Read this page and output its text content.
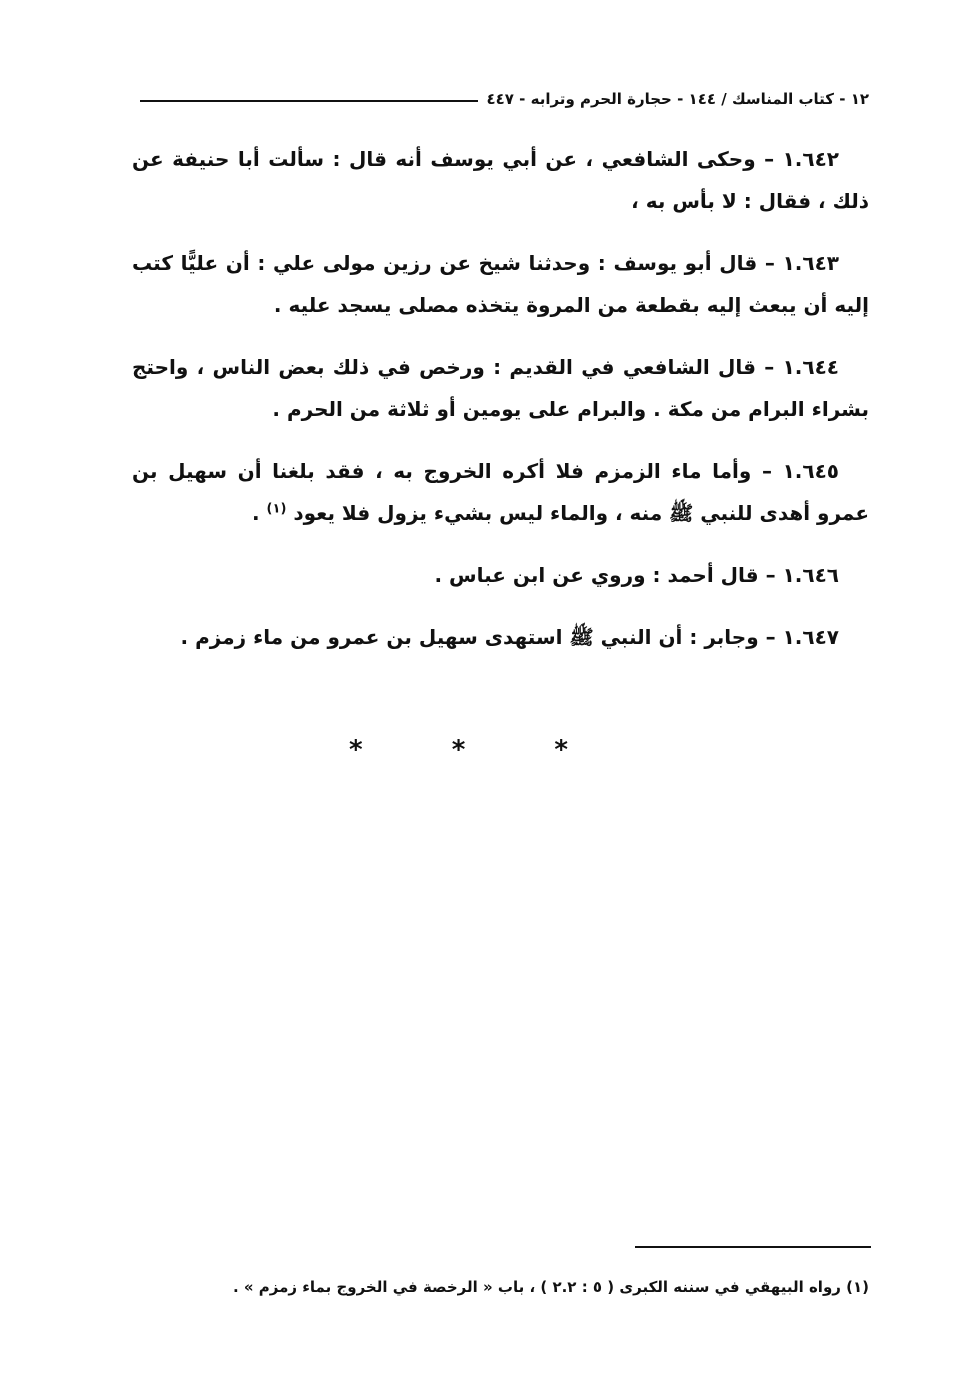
١٢ - كتاب المناسك / ١٤٤ - حجارة الحرم وترابه - ٤٤٧

١.٦٤٢ – وحكى الشافعي ، عن أبي يوسف أنه قال : سألت أبا حنيفة عن ذلك ، فقال : لا بأس به ،

١.٦٤٣ – قال أبو يوسف : وحدثنا شيخ عن رزين مولى علي : أن عليًّا كتب إليه أن يبعث إليه بقطعة من المروة يتخذه مصلى يسجد عليه .

١.٦٤٤ – قال الشافعي في القديم : ورخص في ذلك بعض الناس ، واحتج بشراء البرام من مكة . والبرام على يومين أو ثلاثة من الحرم .

١.٦٤٥ – وأما ماء الزمزم فلا أكره الخروج به ، فقد بلغنا أن سهيل بن عمرو أهدى للنبي ﷺ منه ، والماء ليس بشيء يزول فلا يعود $^{(١)}$ .

١.٦٤٦ – قال أحمد : وروي عن ابن عباس .

١.٦٤٧ – وجابر : أن النبي ﷺ استهدى سهيل بن عمرو من ماء زمزم .

* * *
(١) رواه البيهقي في سننه الكبرى ( ٥ : ٢.٢ ) ، باب « الرخصة في الخروج بماء زمزم » .
